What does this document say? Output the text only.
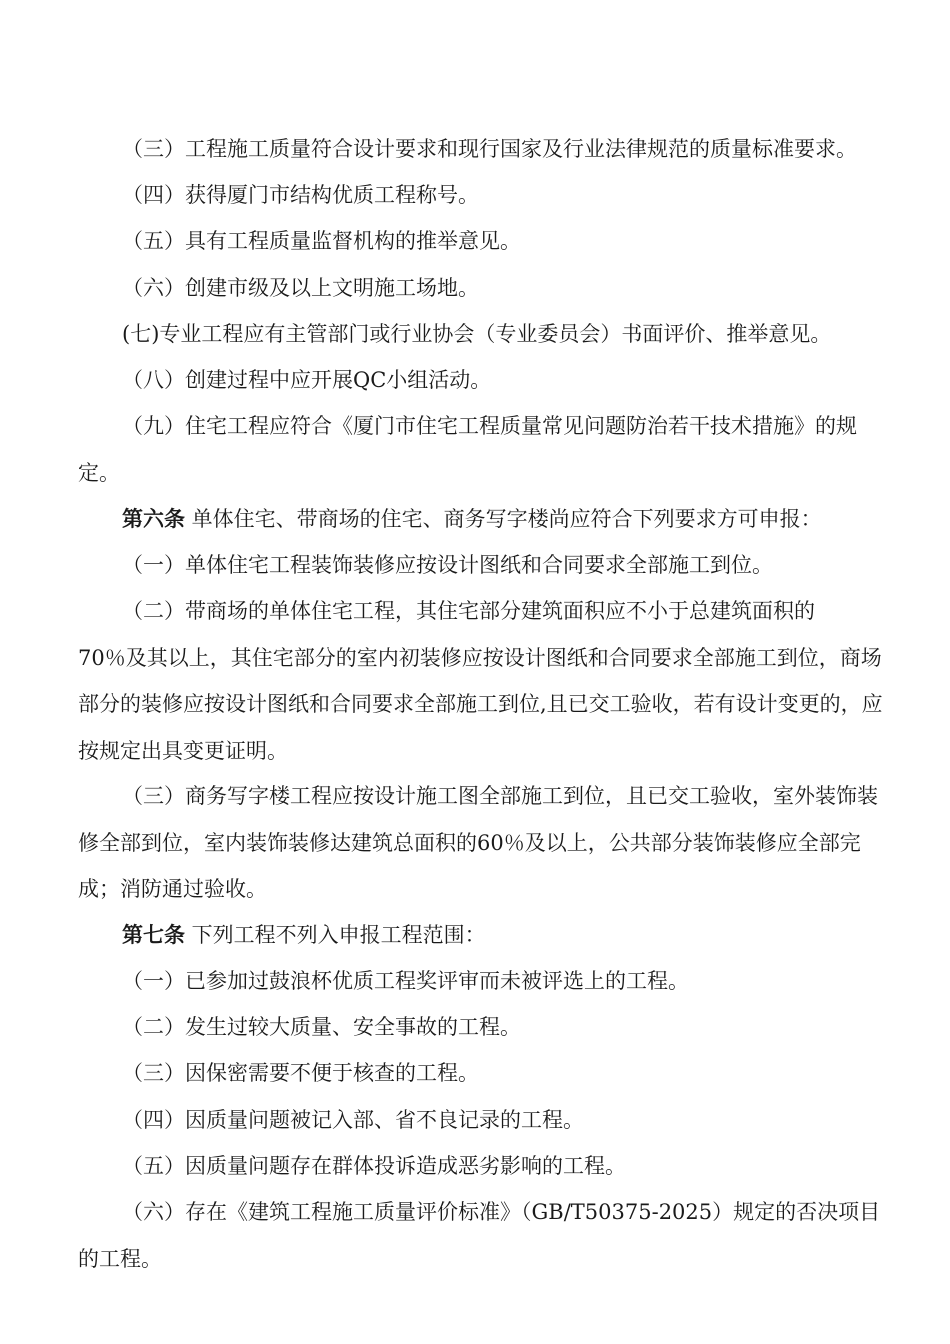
（三）工程施工质量符合设计要求和现行国家及行业法律规范的质量标准要求。

（四）获得厦门市结构优质工程称号。

（五）具有工程质量监督机构的推举意见。

（六）创建市级及以上文明施工场地。

(七)专业工程应有主管部门或行业协会（专业委员会）书面评价、推举意见。

（八）创建过程中应开展QC小组活动。

（九）住宅工程应符合《厦门市住宅工程质量常见问题防治若干技术措施》的规定。

第六条 单体住宅、带商场的住宅、商务写字楼尚应符合下列要求方可申报：

（一）单体住宅工程装饰装修应按设计图纸和合同要求全部施工到位。

（二）带商场的单体住宅工程，其住宅部分建筑面积应不小于总建筑面积的
70％及其以上，其住宅部分的室内初装修应按设计图纸和合同要求全部施工到位，商场部分的装修应按设计图纸和合同要求全部施工到位,且已交工验收，若有设计变更的，应按规定出具变更证明。

（三）商务写字楼工程应按设计施工图全部施工到位，且已交工验收，室外装饰装修全部到位，室内装饰装修达建筑总面积的60％及以上，公共部分装饰装修应全部完成；消防通过验收。

第七条 下列工程不列入申报工程范围：

（一）已参加过鼓浪杯优质工程奖评审而未被评选上的工程。

（二）发生过较大质量、安全事故的工程。

（三）因保密需要不便于核查的工程。

（四）因质量问题被记入部、省不良记录的工程。

（五）因质量问题存在群体投诉造成恶劣影响的工程。

（六）存在《建筑工程施工质量评价标准》（GB/T50375-2025）规定的否决项目的工程。
